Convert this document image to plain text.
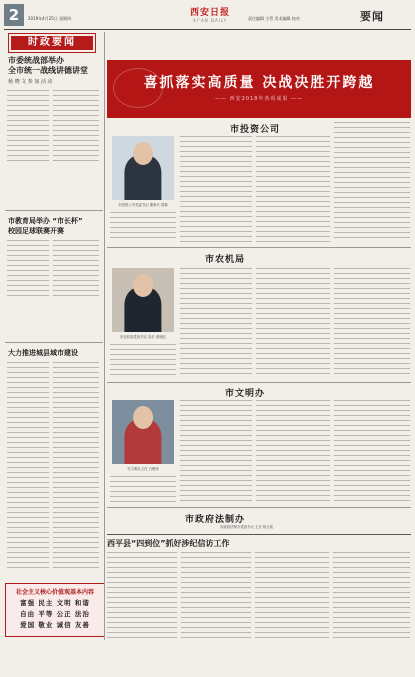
2	2019年4月25日 星期四
西安日报
XI'AN DAILY	责任编辑 主管 美术编辑 校对	要闻
时政要闻
市委统战部举办
全市统一战线讲德讲堂
杨 晓 文 参 加 活 动
市教育局举办 “市长杯”
校园足球联赛开赛
大力推进城县域市建设
社会主义核心价值观基本内容
富强 民主 文明 和谐
自由 平等 公正 法治
爱国 敬业 诚信 友善
喜抓落实高质量 决战决胜开跨越
—— 西安2018年各项成果 ——
市投资公司
市投资公司党委书记 董事长 国林
市农机局
市农机局党组书记 局长 黄晓红
市文明办
市文明办主任 白俊荣
市政府法制办
西平县“四到位”抓好涉纪信访工作
市政府法制办党组书记 主任 杨立波
